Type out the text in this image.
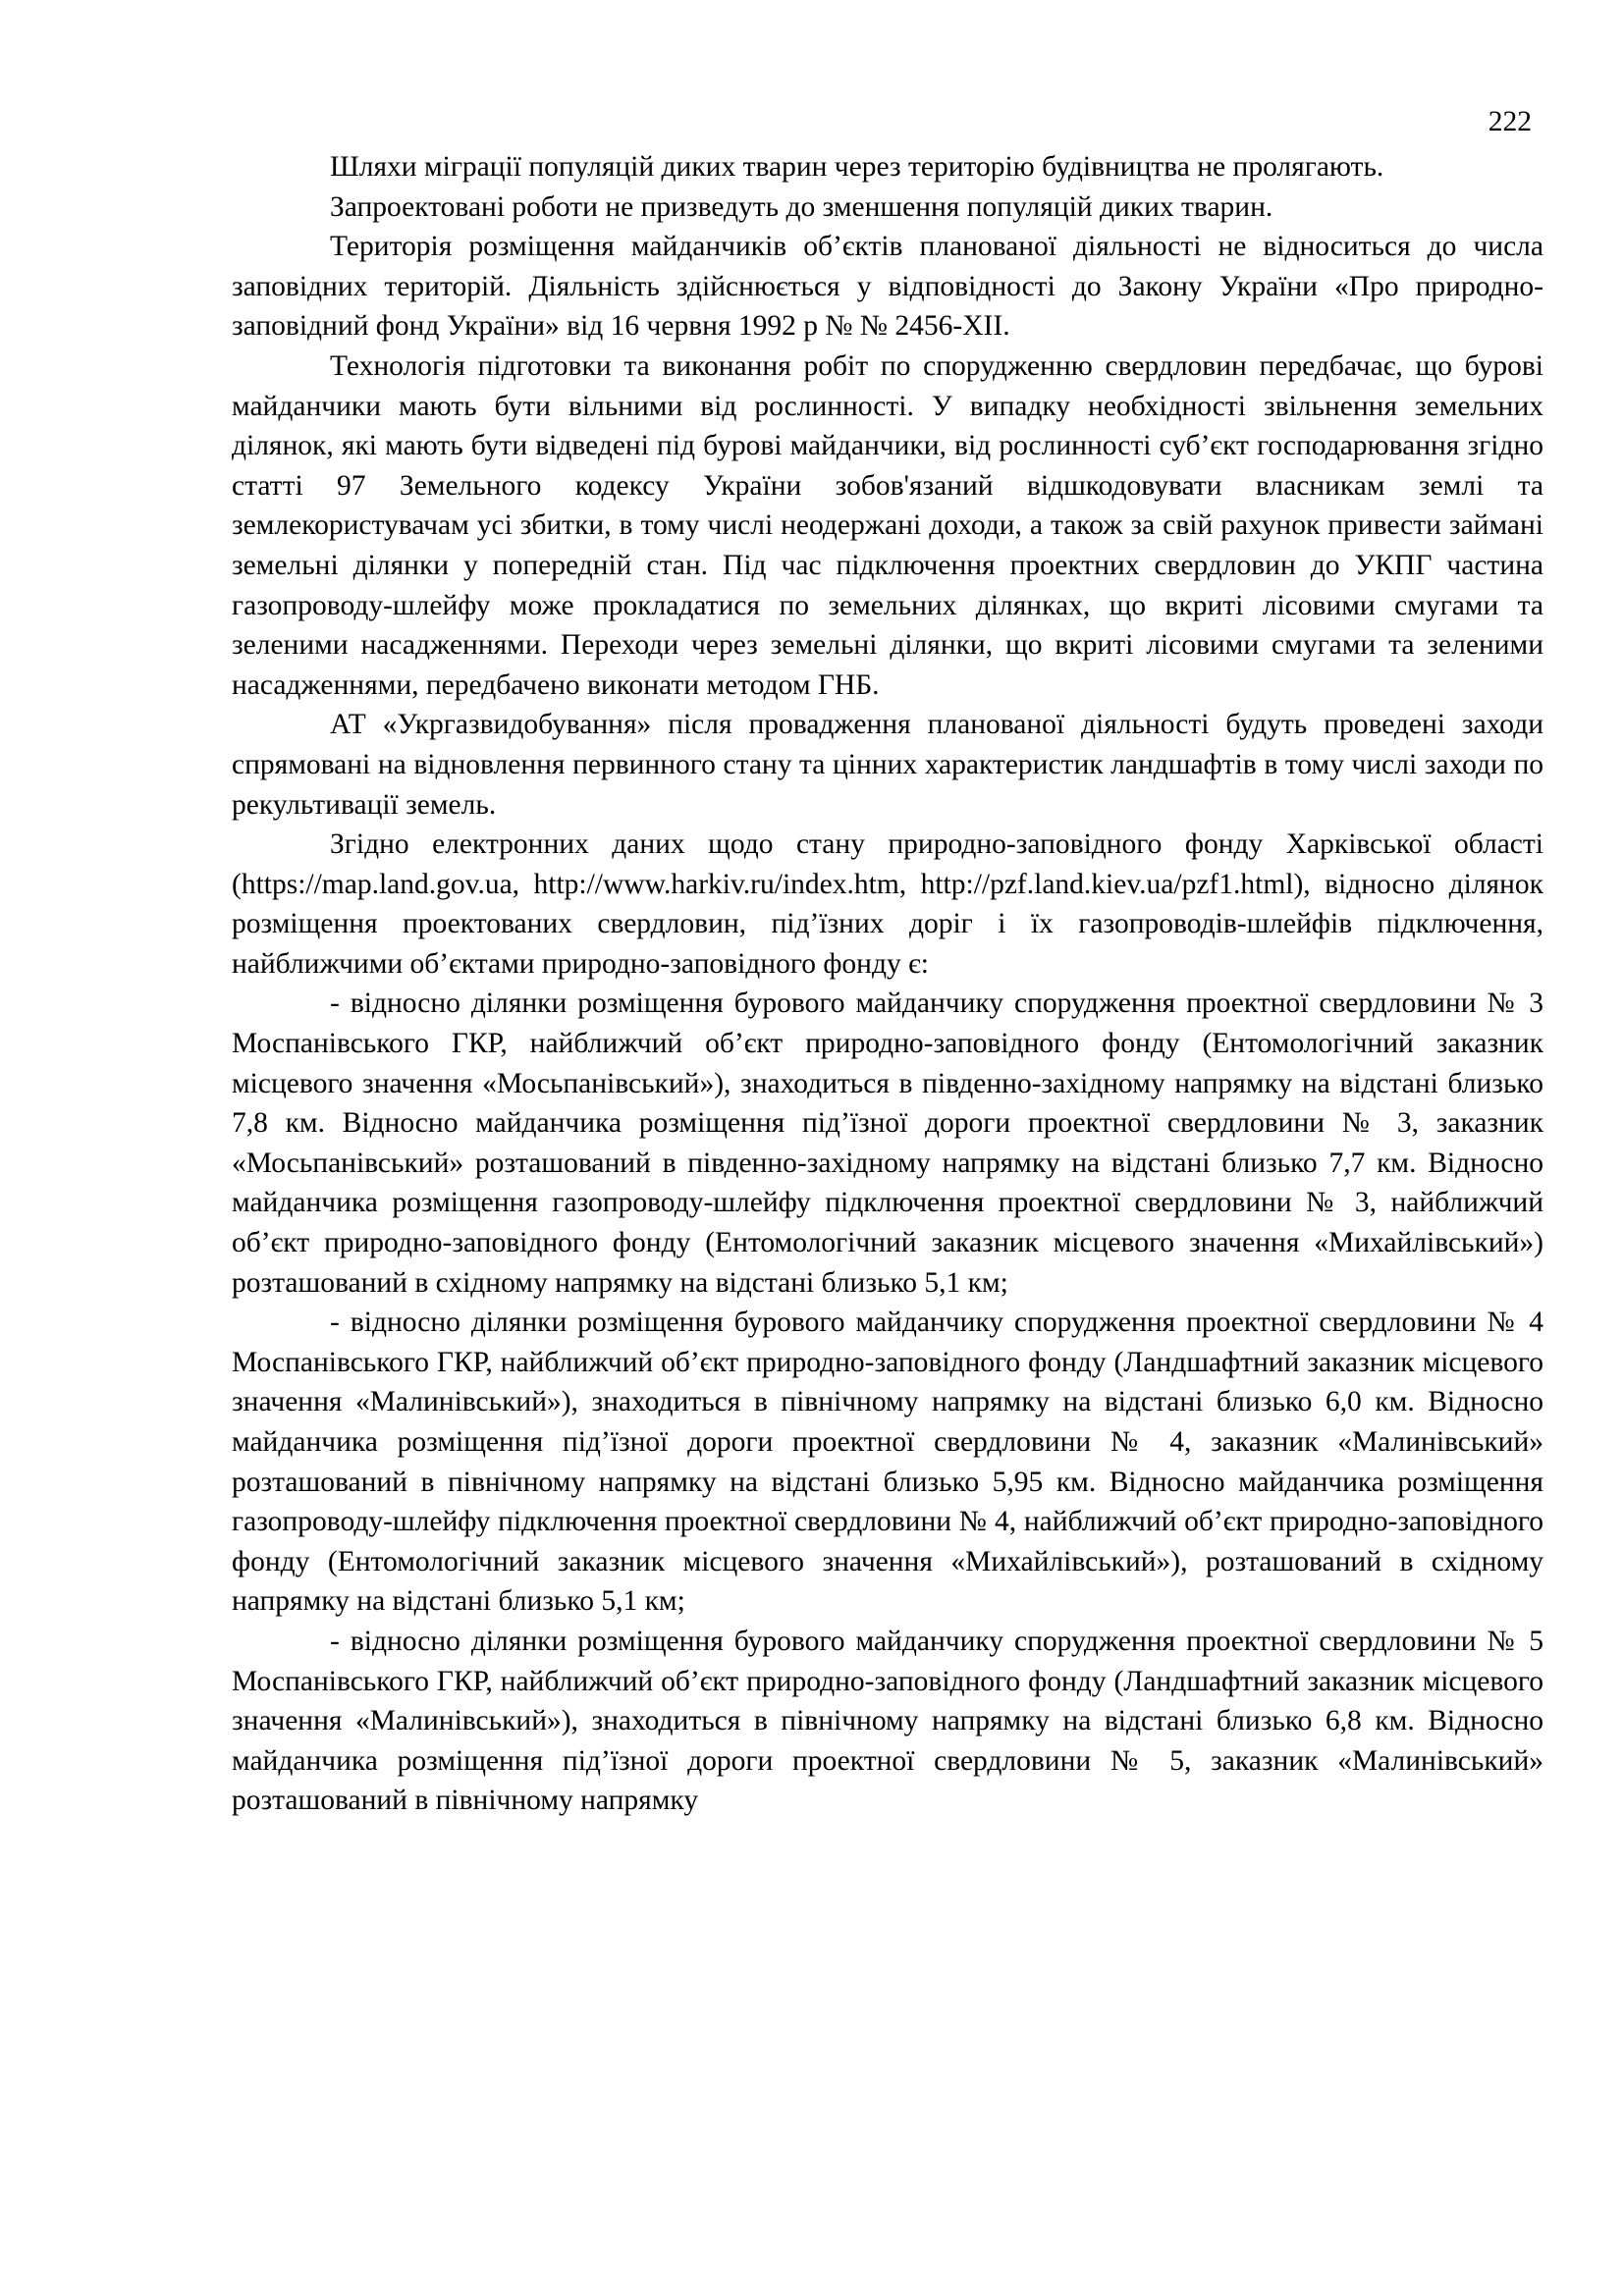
222

Шляхи міграції популяцій диких тварин через територію будівництва не пролягають.

Запроектовані роботи не призведуть до зменшення популяцій диких тварин.

Територія розміщення майданчиків об’єктів планованої діяльності не відноситься до числа заповідних територій. Діяльність здійснюється у відповідності до Закону України «Про природно-заповідний фонд України» від 16 червня 1992 р № № 2456-XII.

Технологія підготовки та виконання робіт по спорудженню свердловин передбачає, що бурові майданчики мають бути вільними від рослинності. У випадку необхідності звільнення земельних ділянок, які мають бути відведені під бурові майданчики, від рослинності суб’єкт господарювання згідно статті 97 Земельного кодексу України зобов'язаний відшкодовувати власникам землі та землекористувачам усі збитки, в тому числі неодержані доходи, а також за свій рахунок привести займані земельні ділянки у попередній стан. Під час підключення проектних свердловин до УКПГ частина газопроводу-шлейфу може прокладатися по земельних ділянках, що вкриті лісовими смугами та зеленими насадженнями. Переходи через земельні ділянки, що вкриті лісовими смугами та зеленими насадженнями, передбачено виконати методом ГНБ.

АТ «Укргазвидобування» після провадження планованої діяльності будуть проведені заходи спрямовані на відновлення первинного стану та цінних характеристик ландшафтів в тому числі заходи по рекультивації земель.

Згідно електронних даних щодо стану природно-заповідного фонду Харківської області (https://map.land.gov.ua, http://www.harkiv.ru/index.htm, http://pzf.land.kiev.ua/pzf1.html), відносно ділянок розміщення проектованих свердловин, під’їзних доріг і їх газопроводів-шлейфів підключення, найближчими об’єктами природно-заповідного фонду є:

- відносно ділянки розміщення бурового майданчику спорудження проектної свердловини № 3 Моспанівського ГКР, найближчий об’єкт природно-заповідного фонду (Ентомологічний заказник місцевого значення «Мосьпанівський»), знаходиться в південно-західному напрямку на відстані близько 7,8 км. Відносно майданчика розміщення під’їзної дороги проектної свердловини № 3, заказник «Мосьпанівський» розташований в південно-західному напрямку на відстані близько 7,7 км. Відносно майданчика розміщення газопроводу-шлейфу підключення проектної свердловини № 3, найближчий об’єкт природно-заповідного фонду (Ентомологічний заказник місцевого значення «Михайлівський») розташований в східному напрямку на відстані близько 5,1 км;

- відносно ділянки розміщення бурового майданчику спорудження проектної свердловини № 4 Моспанівського ГКР, найближчий об’єкт природно-заповідного фонду (Ландшафтний заказник місцевого значення «Малинівський»), знаходиться в північному напрямку на відстані близько 6,0 км. Відносно майданчика розміщення під’їзної дороги проектної свердловини № 4, заказник «Малинівський» розташований в північному напрямку на відстані близько 5,95 км. Відносно майданчика розміщення газопроводу-шлейфу підключення проектної свердловини № 4, найближчий об’єкт природно-заповідного фонду (Ентомологічний заказник місцевого значення «Михайлівський»), розташований в східному напрямку на відстані близько 5,1 км;

- відносно ділянки розміщення бурового майданчику спорудження проектної свердловини № 5 Моспанівського ГКР, найближчий об’єкт природно-заповідного фонду (Ландшафтний заказник місцевого значення «Малинівський»), знаходиться в північному напрямку на відстані близько 6,8 км. Відносно майданчика розміщення під’їзної дороги проектної свердловини № 5, заказник «Малинівський» розташований в північному напрямку
